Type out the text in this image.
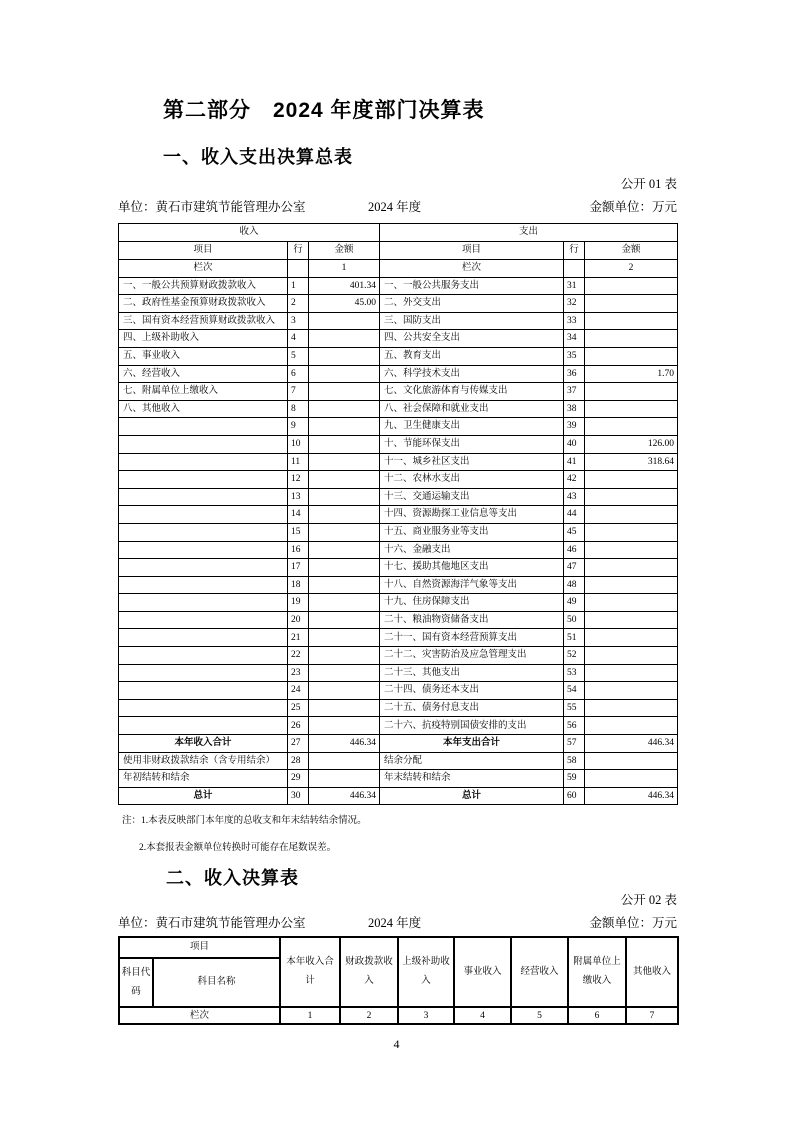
第二部分　2024 年度部门决算表
一、收入支出决算总表
公开 01 表
单位：黄石市建筑节能管理办公室	2024 年度	金额单位：万元
收入			支出		
项目	行	金额	项目	行	金额
栏次		1	栏次		2
一、一般公共预算财政拨款收入	1	401.34	一、一般公共服务支出	31	
二、政府性基金预算财政拨款收入	2	45.00	二、外交支出	32	
三、国有资本经营预算财政拨款收入	3		三、国防支出	33	
四、上级补助收入	4		四、公共安全支出	34	
五、事业收入	5		五、教育支出	35	
六、经营收入	6		六、科学技术支出	36	1.70
七、附属单位上缴收入	7		七、文化旅游体育与传媒支出	37	
八、其他收入	8		八、社会保障和就业支出	38	
	9		九、卫生健康支出	39	
	10		十、节能环保支出	40	126.00
	11		十一、城乡社区支出	41	318.64
	12		十二、农林水支出	42	
	13		十三、交通运输支出	43	
	14		十四、资源勘探工业信息等支出	44	
	15		十五、商业服务业等支出	45	
	16		十六、金融支出	46	
	17		十七、援助其他地区支出	47	
	18		十八、自然资源海洋气象等支出	48	
	19		十九、住房保障支出	49	
	20		二十、粮油物资储备支出	50	
	21		二十一、国有资本经营预算支出	51	
	22		二十二、灾害防治及应急管理支出	52	
	23		二十三、其他支出	53	
	24		二十四、债务还本支出	54	
	25		二十五、债务付息支出	55	
	26		二十六、抗疫特别国债安排的支出	56	
本年收入合计	27	446.34	本年支出合计	57	446.34
使用非财政拨款结余（含专用结余）	28		结余分配	58	
年初结转和结余	29		年末结转和结余	59	
总计	30	446.34	总计	60	446.34
注：1.本表反映部门本年度的总收支和年末结转结余情况。
2.本套报表金额单位转换时可能存在尾数误差。
二、收入决算表
公开 02 表
单位：黄石市建筑节能管理办公室	2024 年度	金额单位：万元
项目		本年收入合计	财政拨款收入	上级补助收入	事业收入	经营收入	附属单位上缴收入	其他收入
科目代码	科目名称							
栏次		1	2	3	4	5	6	7
4
